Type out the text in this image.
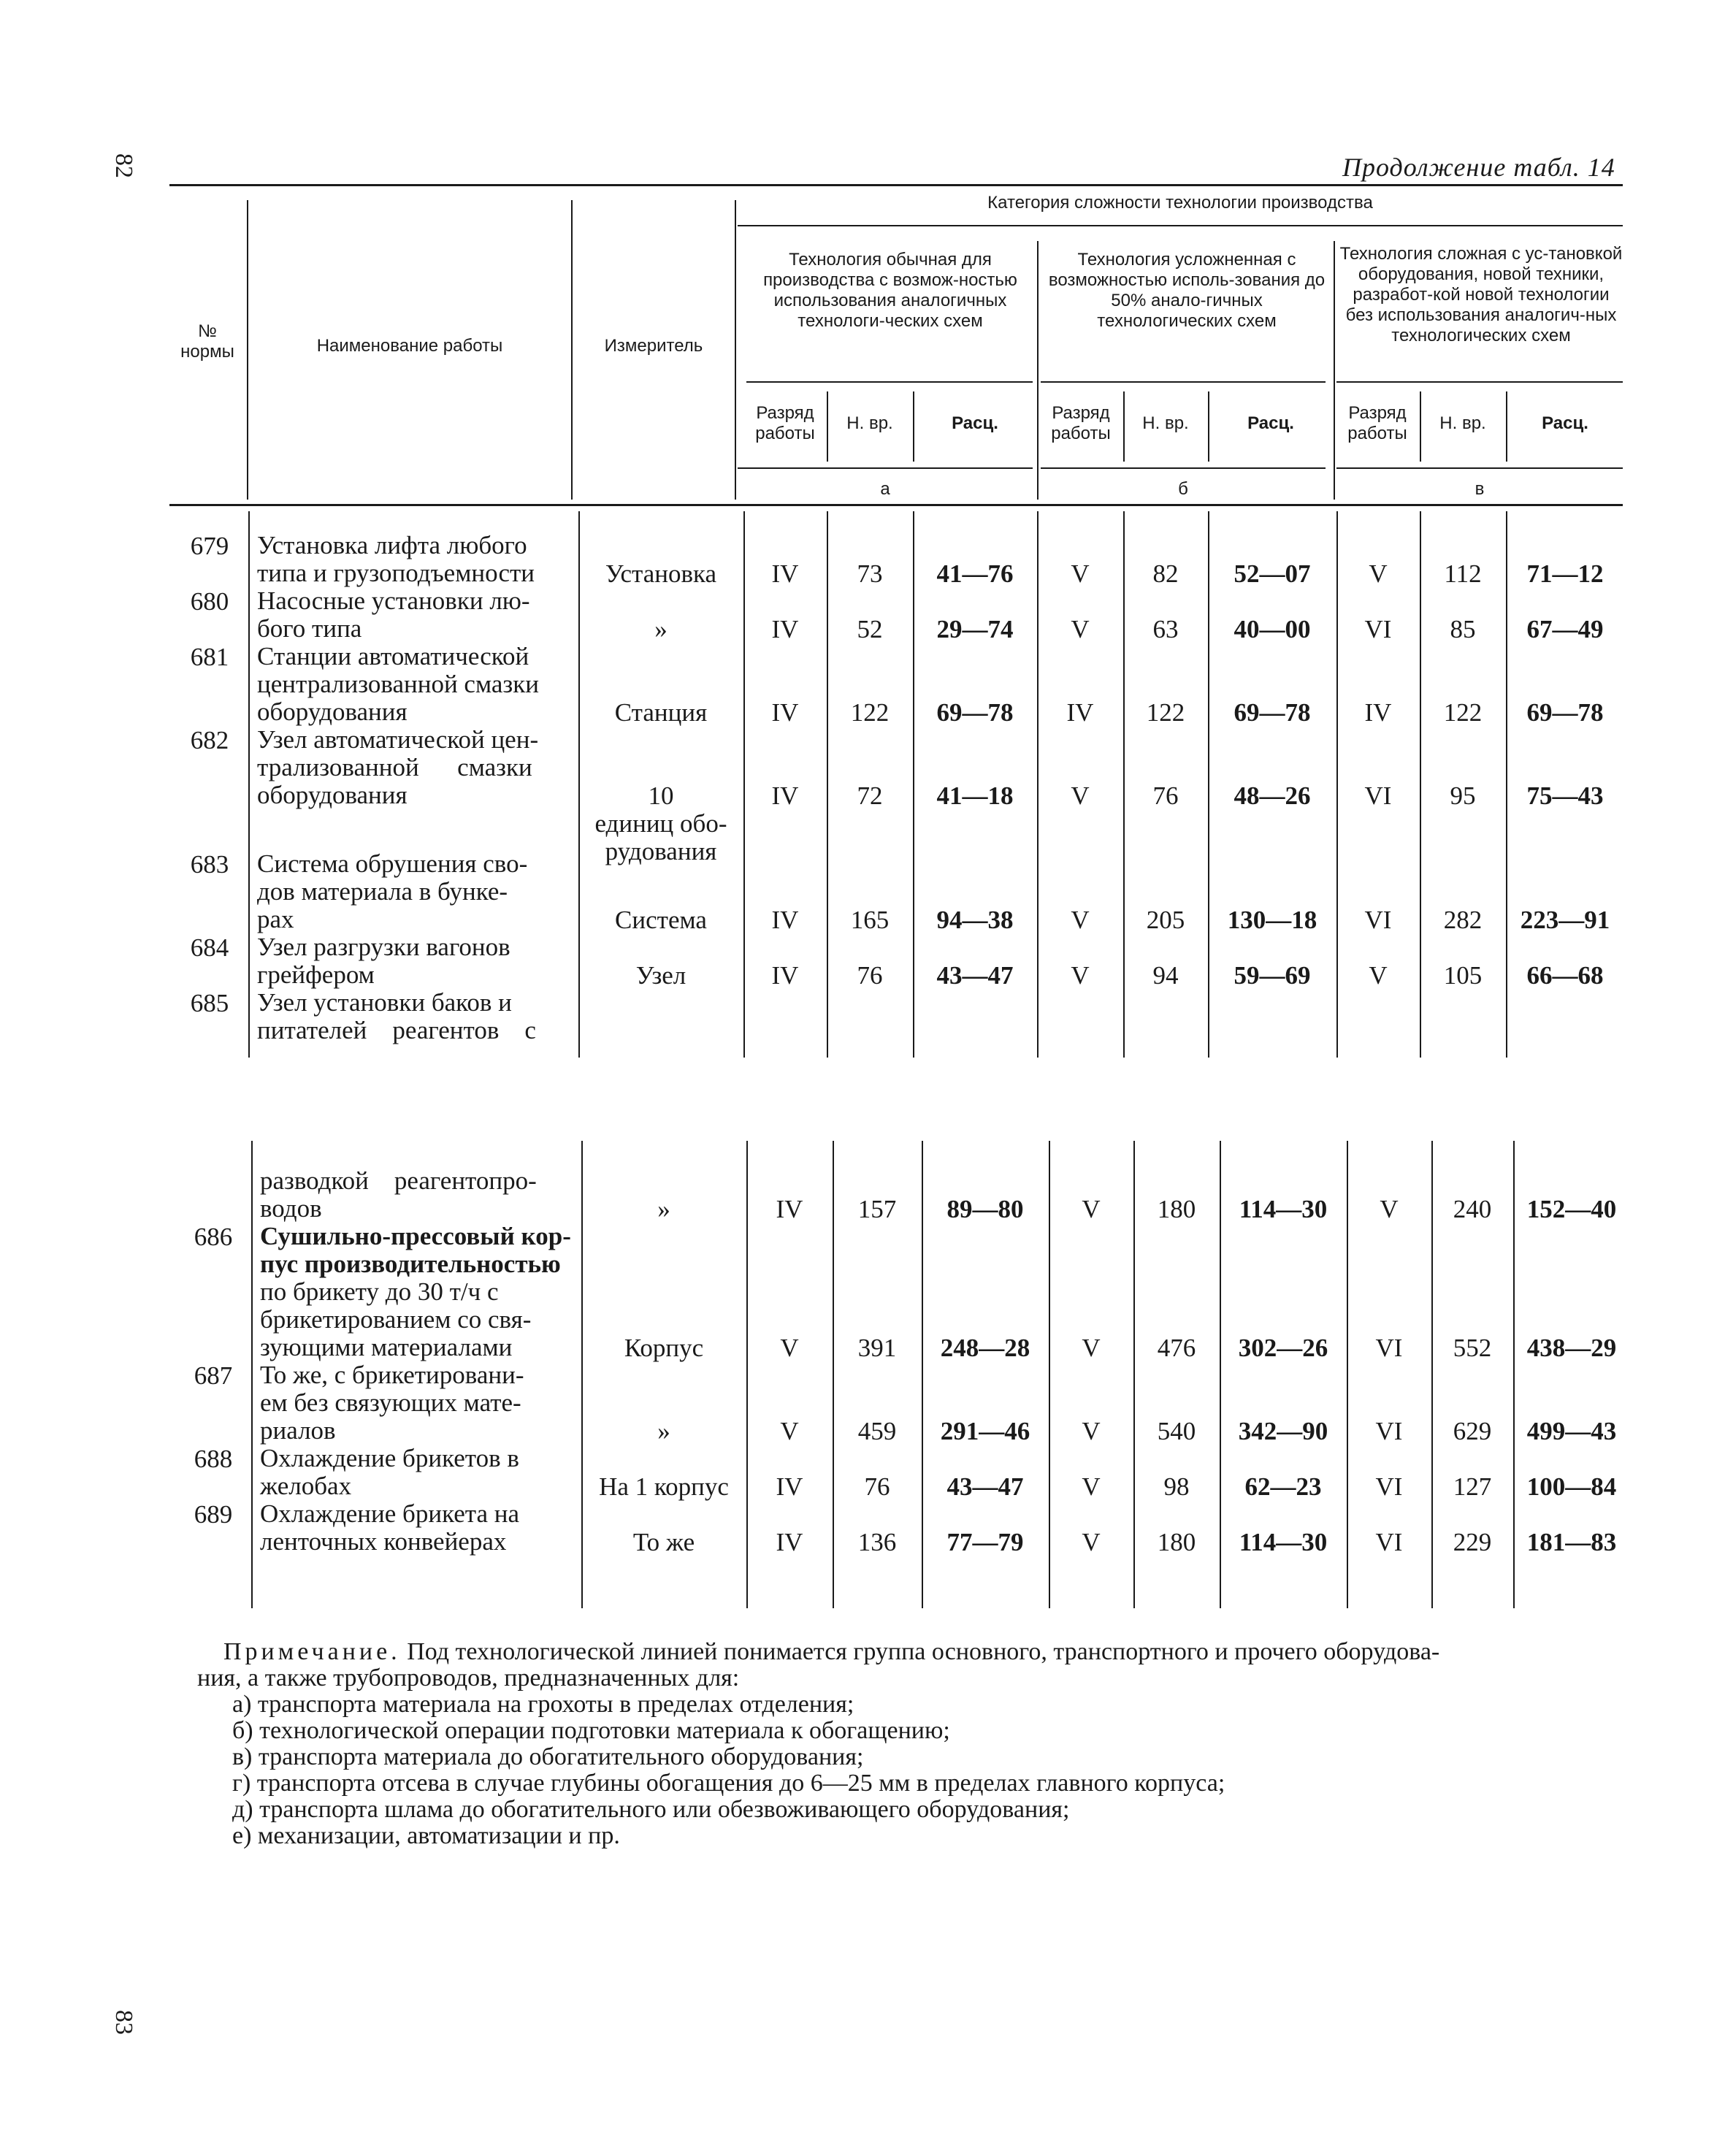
82
83
Продолжение табл. 14
№ нормы	Наименование работы	Измеритель
Категория сложности технологии производства
Технология обычная для производства с возмож-ностью использования аналогичных технологи-ческих схем
Технология усложненная с возможностью исполь-зования до 50% анало-гичных технологических схем
Технология сложная с ус-тановкой оборудования, новой техники, разработ-кой новой технологии без использования аналогич-ных технологических схем
Разряд работы
Н. вр.	Расц.
Разряд работы
Н. вр.	Расц.
Разряд работы
Н. вр.	Расц.
а	б	в
679	Установка лифта любого
типа и грузоподъемности	Установка	IV	73	41—76	V	82	52—07	V	112	71—12
680	Насосные установки лю-
бого типа	»	IV	52	29—74	V	63	40—00	VI	85	67—49
681	Станции автоматической
централизованной смазки
оборудования	Станция	IV	122	69—78	IV	122	69—78	IV	122	69—78
682	Узел автоматической цен-
трализованной      смазки
оборудования	10
единиц обо-
рудования
IV	72	41—18	V	76	48—26	VI	95	75—43
683	Система обрушения сво-
дов материала в бунке-
рах	Система	IV	165	94—38	V	205	130—18	VI	282	223—91
684	Узел разгрузки вагонов
грейфером	Узел	IV	76	43—47	V	94	59—69	V	105	66—68
685	Узел установки баков и
питателей    реагентов    с
разводкой    реагентопро-
водов	»	IV	157	89—80	V	180	114—30	V	240	152—40
686	Сушильно-прессовый кор-
пус производительностью
по брикету до 30 т/ч с
брикетированием со свя-
зующими материалами	Корпус	V	391	248—28	V	476	302—26	VI	552	438—29
687	То же, с брикетировани-
ем без связующих мате-
риалов	»	V	459	291—46	V	540	342—90	VI	629	499—43
688	Охлаждение брикетов в
желобах	На 1 корпус	IV	76	43—47	V	98	62—23	VI	127	100—84
689	Охлаждение брикета на
ленточных конвейерах	То же	IV	136	77—79	V	180	114—30	VI	229	181—83
Примечание. Под технологической линией понимается группа основного, транспортного и прочего оборудова-
ния, а также трубопроводов, предназначенных для:
а) транспорта материала на грохоты в пределах отделения;
б) технологической операции подготовки материала к обогащению;
в) транспорта материала до обогатительного оборудования;
г) транспорта отсева в случае глубины обогащения до 6—25 мм в пределах главного корпуса;
д) транспорта шлама до обогатительного или обезвоживающего оборудования;
е) механизации, автоматизации и пр.
